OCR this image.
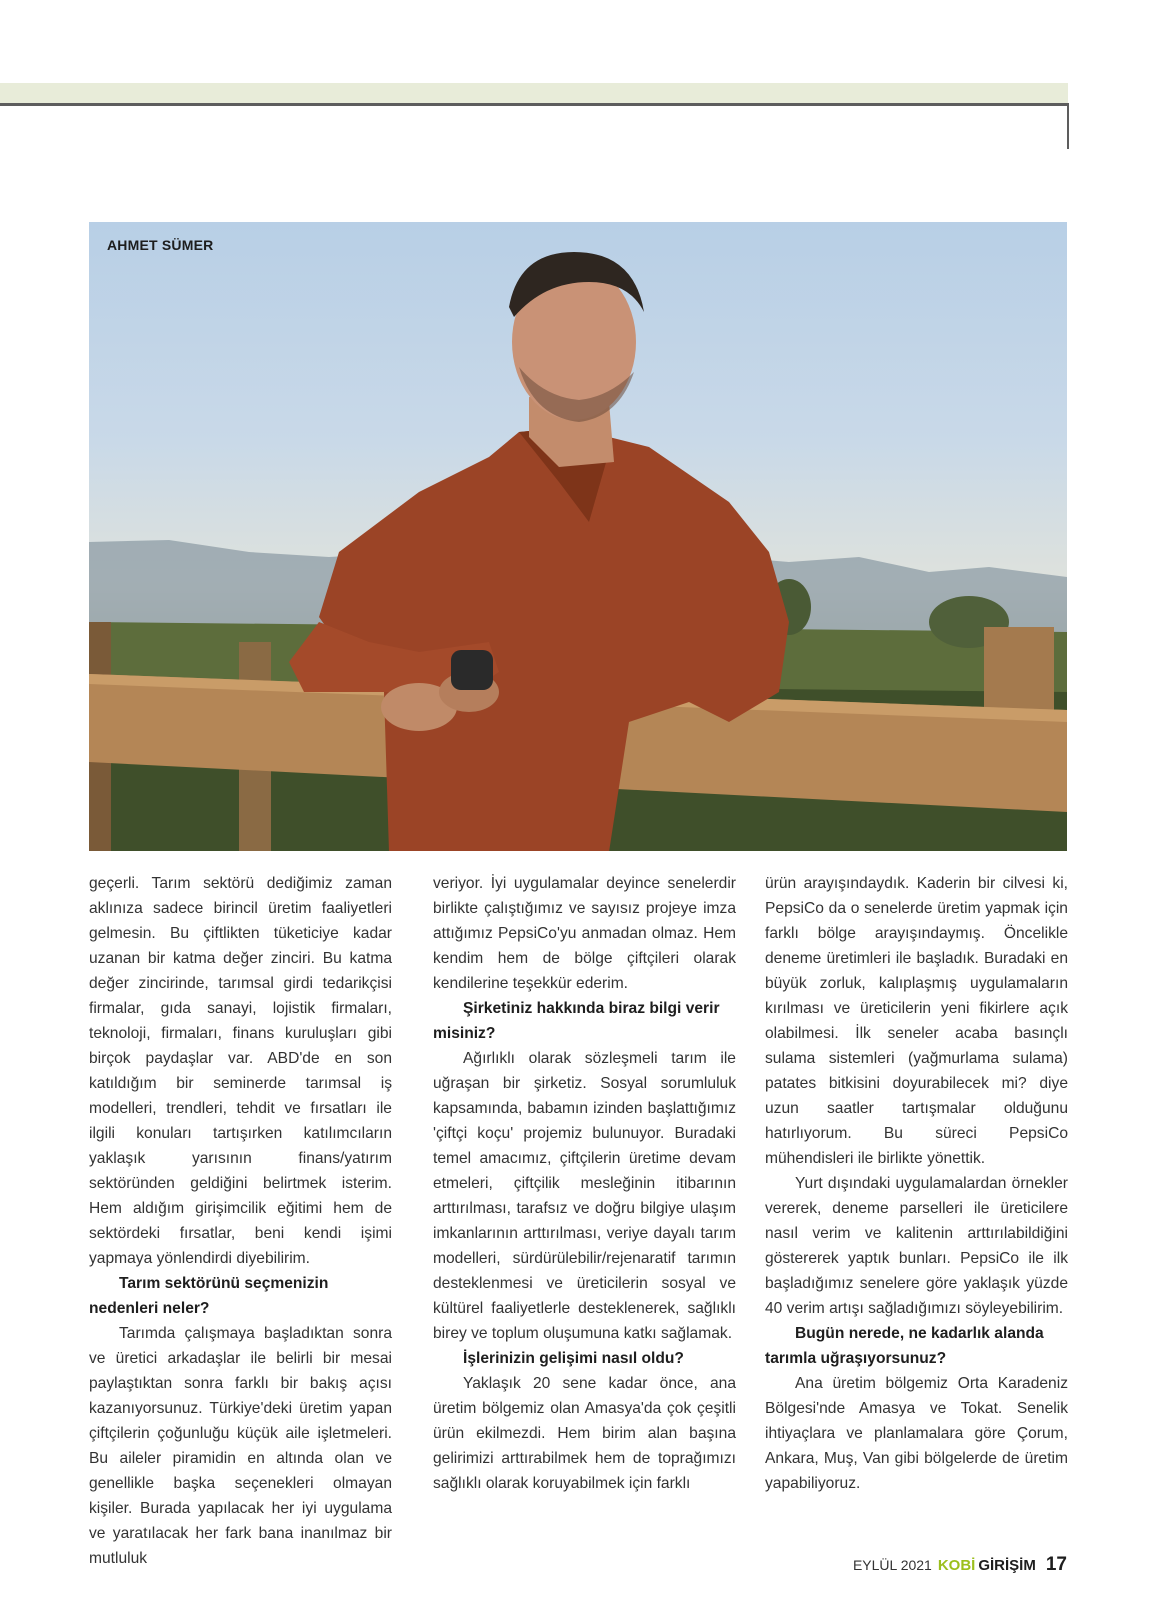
AHMET SÜMER

geçerli. Tarım sektörü dediğimiz zaman aklınıza sadece birincil üretim faaliyetleri gelmesin. Bu çiftlikten tüketiciye kadar uzanan bir katma değer zinciri. Bu katma değer zincirinde, tarımsal girdi tedarikçisi firmalar, gıda sanayi, lojistik firmaları, teknoloji, firmaları, finans kuruluşları gibi birçok paydaşlar var. ABD'de en son katıldığım bir seminerde tarımsal iş modelleri, trendleri, tehdit ve fırsatları ile ilgili konuları tartışırken katılımcıların yaklaşık yarısının finans/yatırım sektöründen geldiğini belirtmek isterim. Hem aldığım girişimcilik eğitimi hem de sektördeki fırsatlar, beni kendi işimi yapmaya yönlendirdi diyebilirim.

Tarım sektörünü seçmenizin nedenleri neler?

Tarımda çalışmaya başladıktan sonra ve üretici arkadaşlar ile belirli bir mesai paylaştıktan sonra farklı bir bakış açısı kazanıyorsunuz. Türkiye'deki üretim yapan çiftçilerin çoğunluğu küçük aile işletmeleri. Bu aileler piramidin en altında olan ve genellikle başka seçenekleri olmayan kişiler. Burada yapılacak her iyi uygulama ve yaratılacak her fark bana inanılmaz bir mutluluk

veriyor. İyi uygulamalar deyince senelerdir birlikte çalıştığımız ve sayısız projeye imza attığımız PepsiCo'yu anmadan olmaz. Hem kendim hem de bölge çiftçileri olarak kendilerine teşekkür ederim.

Şirketiniz hakkında biraz bilgi verir misiniz?

Ağırlıklı olarak sözleşmeli tarım ile uğraşan bir şirketiz. Sosyal sorumluluk kapsamında, babamın izinden başlattığımız 'çiftçi koçu' projemiz bulunuyor. Buradaki temel amacımız, çiftçilerin üretime devam etmeleri, çiftçilik mesleğinin itibarının arttırılması, tarafsız ve doğru bilgiye ulaşım imkanlarının arttırılması, veriye dayalı tarım modelleri, sürdürülebilir/rejenaratif tarımın desteklenmesi ve üreticilerin sosyal ve kültürel faaliyetlerle desteklenerek, sağlıklı birey ve toplum oluşumuna katkı sağlamak.

İşlerinizin gelişimi nasıl oldu?

Yaklaşık 20 sene kadar önce, ana üretim bölgemiz olan Amasya'da çok çeşitli ürün ekilmezdi. Hem birim alan başına gelirimizi arttırabilmek hem de toprağımızı sağlıklı olarak koruyabilmek için farklı

ürün arayışındaydık. Kaderin bir cilvesi ki, PepsiCo da o senelerde üretim yapmak için farklı bölge arayışındaymış. Öncelikle deneme üretimleri ile başladık. Buradaki en büyük zorluk, kalıplaşmış uygulamaların kırılması ve üreticilerin yeni fikirlere açık olabilmesi. İlk seneler acaba basınçlı sulama sistemleri (yağmurlama sulama) patates bitkisini doyurabilecek mi? diye uzun saatler tartışmalar olduğunu hatırlıyorum. Bu süreci PepsiCo mühendisleri ile birlikte yönettik.

Yurt dışındaki uygulamalardan örnekler vererek, deneme parselleri ile üreticilere nasıl verim ve kalitenin arttırılabildiğini göstererek yaptık bunları. PepsiCo ile ilk başladığımız senelere göre yaklaşık yüzde 40 verim artışı sağladığımızı söyleyebilirim.

Bugün nerede, ne kadarlık alanda tarımla uğraşıyorsunuz?

Ana üretim bölgemiz Orta Karadeniz Bölgesi'nde Amasya ve Tokat. Senelik ihtiyaçlara ve planlamalara göre Çorum, Ankara, Muş, Van gibi bölgelerde de üretim yapabiliyoruz.

EYLÜL 2021 KOBİ GİRİŞİM 17
